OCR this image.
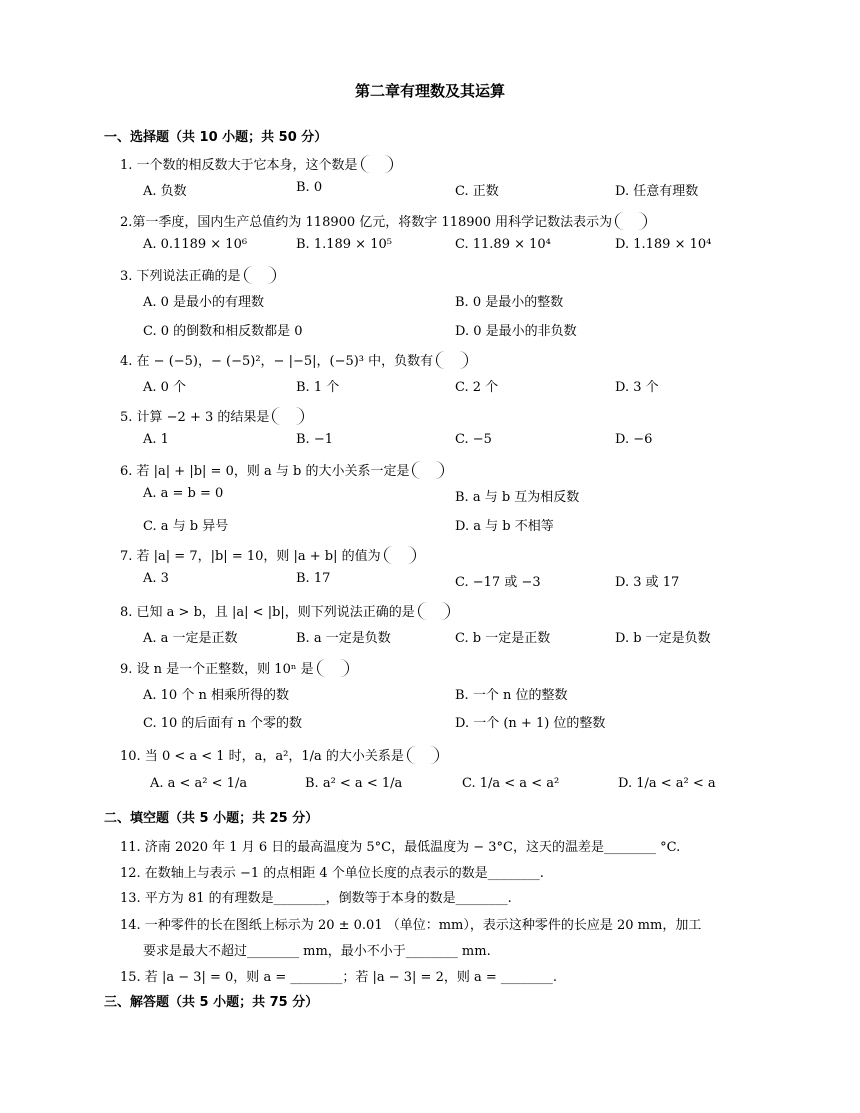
第二章有理数及其运算
一、选择题（共 10 小题；共 50 分）
1. 一个数的相反数大于它本身，这个数是
A. 负数	B. 0	C. 正数	D. 任意有理数
2.第一季度，国内生产总值约为 118900 亿元，将数字 118900 用科学记数法表示为
A. 0.1189 × 10⁶	B. 1.189 × 10⁵	C. 11.89 × 10⁴	D. 1.189 × 10⁴
3. 下列说法正确的是
A. 0 是最小的有理数	B. 0 是最小的整数
C. 0 的倒数和相反数都是 0	D. 0 是最小的非负数
4. 在 − (−5)，− (−5)²，− |−5|，(−5)³ 中，负数有
A. 0 个	B. 1 个	C. 2 个	D. 3 个
5. 计算 −2 + 3 的结果是
A. 1	B. −1	C. −5	D. −6
6. 若 |a| + |b| = 0，则 a 与 b 的大小关系一定是
A. a = b = 0	B. a 与 b 互为相反数
C. a 与 b 异号	D. a 与 b 不相等
7. 若 |a| = 7，|b| = 10，则 |a + b| 的值为
A. 3	B. 17	C. −17 或 −3	D. 3 或 17
8. 已知 a > b，且 |a| < |b|，则下列说法正确的是
A. a 一定是正数	B. a 一定是负数	C. b 一定是正数	D. b 一定是负数
9. 设 n 是一个正整数，则 10ⁿ 是
A. 10 个 n 相乘所得的数	B. 一个 n 位的整数
C. 10 的后面有 n 个零的数	D. 一个 (n + 1) 位的整数
10. 当 0 < a < 1 时，a，a²，1/a 的大小关系是
A. a < a² < 1/a	B. a² < a < 1/a	C. 1/a < a < a²	D. 1/a < a² < a
二、填空题（共 5 小题；共 25 分）
11. 济南 2020 年 1 月 6 日的最高温度为 5°C，最低温度为 − 3°C，这天的温差是________ °C.
12. 在数轴上与表示 −1 的点相距 4 个单位长度的点表示的数是________.
13. 平方为 81 的有理数是________，倒数等于本身的数是________.
14. 一种零件的长在图纸上标示为 20 ± 0.01 （单位：mm），表示这种零件的长应是 20 mm，加工
要求是最大不超过________ mm，最小不小于________ mm.
15. 若 |a − 3| = 0，则 a = ________；若 |a − 3| = 2，则 a = ________.
三、解答题（共 5 小题；共 75 分）
